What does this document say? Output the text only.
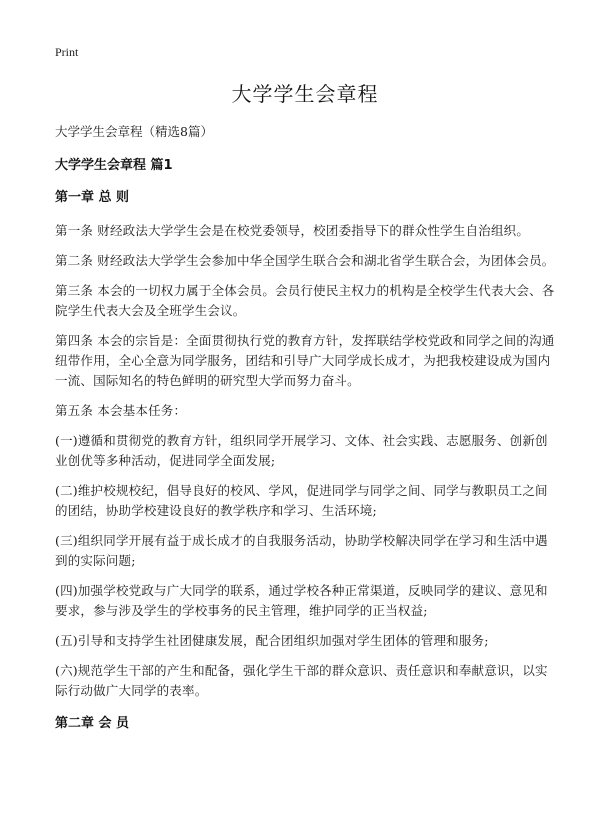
Print
大学学生会章程

大学学生会章程（精选8篇）

大学学生会章程 篇1

第一章 总 则

第一条 财经政法大学学生会是在校党委领导，校团委指导下的群众性学生自治组织。

第二条 财经政法大学学生会参加中华全国学生联合会和湖北省学生联合会，为团体会员。

第三条 本会的一切权力属于全体会员。会员行使民主权力的机构是全校学生代表大会、各院学生代表大会及全班学生会议。

第四条 本会的宗旨是：全面贯彻执行党的教育方针，发挥联结学校党政和同学之间的沟通纽带作用，全心全意为同学服务，团结和引导广大同学成长成才，为把我校建设成为国内一流、国际知名的特色鲜明的研究型大学而努力奋斗。

第五条 本会基本任务：

(一)遵循和贯彻党的教育方针，组织同学开展学习、文体、社会实践、志愿服务、创新创业创优等多种活动，促进同学全面发展;

(二)维护校规校纪，倡导良好的校风、学风，促进同学与同学之间、同学与教职员工之间的团结，协助学校建设良好的教学秩序和学习、生活环境;

(三)组织同学开展有益于成长成才的自我服务活动，协助学校解决同学在学习和生活中遇到的实际问题;

(四)加强学校党政与广大同学的联系，通过学校各种正常渠道，反映同学的建议、意见和要求，参与涉及学生的学校事务的民主管理，维护同学的正当权益;

(五)引导和支持学生社团健康发展，配合团组织加强对学生团体的管理和服务;

(六)规范学生干部的产生和配备，强化学生干部的群众意识、责任意识和奉献意识，以实际行动做广大同学的表率。

第二章 会 员
